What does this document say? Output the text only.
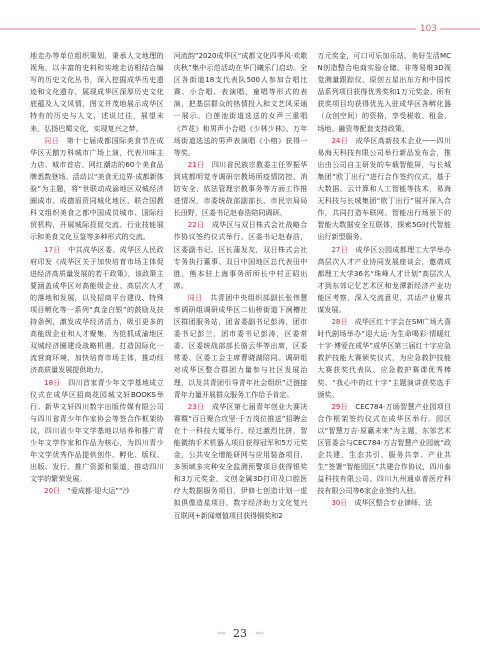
103

地走办等单位组织策划，秉承人文地理的视角，以丰富的史料和实地走访相结合编写的历史文化丛书，深入挖掘成华历史遗迹和文化遗存，展现成华区深厚历史文化底蕴及人文风情，图文并茂地展示成华区特有的历史与人文，述说过往，展望未来，弘扬巴蜀文化，实现复兴之梦。

同日　 第十七届成都国际美食节在成华区天鹅万科城市广场上演，代表川味主力店、城市首店、网红潮店的60个美食品牌悉数登场。活动以“美食无边界·成都新体验”为主题，将“世联动成渝地区双城经济圈成市、成德眉资同城化地区、联合国教科文组织美食之都中国成员城市、国际经贸机构，开展城际投促交流、行业技能展示和美食文化互鉴等多种形式的交流。

17日　 中共成华区委、成华区人民政府印发《成华区关于加快培育市场主体促进经济高质量发展的若干政策》，该政策主要涵盖成华区对高能级企业、高层次人才的落地和发展，以及招商平台建设、特殊项目孵化等一系列“真金白银”的鼓励及扶持条例，激发成华经济活力，吸引更多的高能级企业和人才聚集，为抢抓成渝地区双城经济圈建设战略机遇，打造国际化一流营商环境，加快培育市场主体，推动经济高质量发展提供助力。

18日　 四川首家青少年文学基地成立仪式在成华区招商花园城文轩BOOKS举行。新华文轩四川数字出版传媒有限公司与四川省青少年作家协会等签合作框架协议，四川省少年文学基地以培养和推广青少年文学作家和作品为核心，为四川青少年文学优秀作品提供创作、孵化、版权、出版、发行、推广资源和渠道，推动四川文学的繁荣发展。

20日　 “爱成都·迎大运”“沙

河流韵”2020成华区“成都文化四季风·欢歌庆秋”集中示范活动在华门曦乐门启动。全区各街道18支代表队500人参加合唱比赛、小合唱、表演唱、童唱等形式的表演，把基层群众的热情投入和文艺风采通一展示。白莲池街道选送的女声三重唱《芦花》和男声小合唱《少林少林》、万年场街道选送的男声表演唱《小榕》获得一等奖。

21日　 四川省民族宗教委主任罗振华到成都明觉寺调研宗教场所疫情防控、消防安全、依法管理宗教事务等方面工作推进情况，市委统战部副部长、市民宗局局长田野，区委书记赵春浩陪同调研。

22日　 成华区与双日株式会社战略合作协议签约仪式举行。区委书记赵春浩，区委副书记、区长蒲发友，双日株式会社专务执行董事、双日中国地区总代表田中胜，熊本驻上海事务所所长中村正昭出席。

同日　 共青团中央组织部副长张伟慧率调研组调研成华区二仙桥街道下涧槽社区群团服务站，团省委副书记彭涛，团市委书记彭兰，团市委书记彭涛，区委常委、区委统战部部长骆云华等出席，区委常委、区委工会主席曹晓湖陪同。调研组对成华区整合群团力量参与社区发展治理，以及共青团引导青年社会组织”泛链接青年力量开展群众服务工作给予肯定。

23日　 成华区第七届青年创业大赛决赛暨“百日聚合攻坚·千万岗位推送”招聘会在十一科技大厦举行。经过激烈比拼，智能微纳手术机器人项目获得冠军和5万元奖金，公共安全增能研网与应用装备项目，多领域多灾种安全监测预警项目获得银奖和3万元奖金，文创金属3D打印及口腔医疗大数据服务项目，伊修七创造计划一虚拟俱像造星项目，数字经济助力文化复兴互联网+新闻增值项目获得铜奖和2

万元奖金，可口可乐加乐站、美好生活MCN创造整合电商实验仓储、非等易维3D视觉测量跟踪仪、原创五星出东方和中国传品系列项目获得优秀奖和1万元奖金。所有获奖项目均获得优先入驻成华区各孵化器（众创空间）的资格，享受税收、租金、场地、融资等配套支持政策。

24日　 成华区高新技术企业——四川易海天科技有限公司举行新品发布会，推出由公司自主研发的车载智能屏，与长城集团“欧丁出行”进行合作签约仪式，基于大数据、云计算和人工智能等技术，易海天科技与长城集团“欧丁出行”展开深入合作，共同打造车联网、智能出行场景下的智能大数据安全互联体，探索5G时代智能出行新型服务。

27日　 成华区公园成都理工大学举办高层次人才产业协同发展座谈会，邀请成都理工大学36名“珠峰人才计划”高层次人才到东郊记忆艺术区和龙潭新经济产业功能区考察，深入交流意见，共话产业聚共谋发展。

28日　 成华区红十字会在SM广场大喜时代剧场举办“迎大运·为生命喝彩·情暖红十字·博爱在成华”成华区第三届红十字应急救护技能大赛颁奖仪式，为应急救护技能大赛获奖代表队、应急救护赛课优秀棒奖、“我心中的红十字”主题演讲获奖选手颁奖。

29日　 CEC784·万旸智慧产业园项目合作框架签约仪式在成华区举行。园区以“智慧万吉·原赢未来”为主题，东郊艺术区管委会与CEC784·万吉智慧产业园就“政企共建、生态共引、服务共享、产业共生”签署“智能园区”共建合作协议，四川泰益科技有限公司、四川九州通卓普医疗科技有限公司等6家企业签约入驻。

30日　 成华区整合专业律师、法

««« 23 «««
